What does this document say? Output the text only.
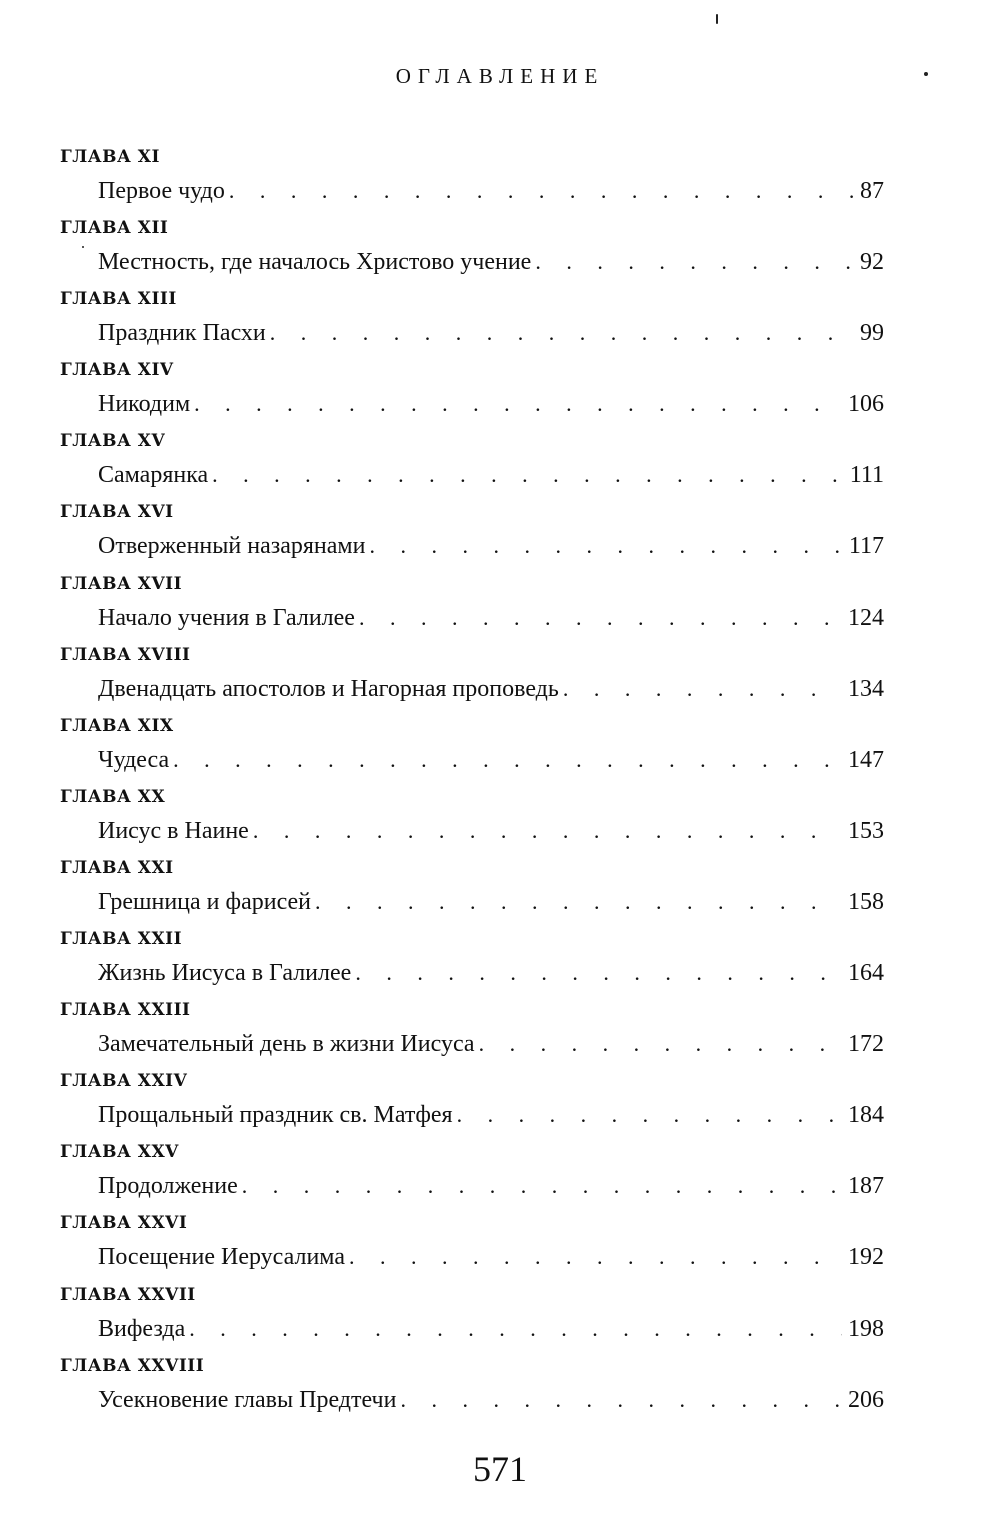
ОГЛАВЛЕНИЕ
ГЛАВА XI
Первое чудо . . .	87
ГЛАВА XII
Местность, где началось Христово учение . . .	92
ГЛАВА XIII
Праздник Пасхи . . .	99
ГЛАВА XIV
Никодим . . .	106
ГЛАВА XV
Самарянка . . .	111
ГЛАВА XVI
Отверженный назарянами . . .	117
ГЛАВА XVII
Начало учения в Галилее . . .	124
ГЛАВА XVIII
Двенадцать апостолов и Нагорная проповедь . . .	134
ГЛАВА XIX
Чудеса . . .	147
ГЛАВА XX
Иисус в Наине . . .	153
ГЛАВА XXI
Грешница и фарисей . . .	158
ГЛАВА XXII
Жизнь Иисуса в Галилее . . .	164
ГЛАВА XXIII
Замечательный день в жизни Иисуса . . .	172
ГЛАВА XXIV
Прощальный праздник св. Матфея . . .	184
ГЛАВА XXV
Продолжение . . .	187
ГЛАВА XXVI
Посещение Иерусалима . . .	192
ГЛАВА XXVII
Вифезда . . .	198
ГЛАВА XXVIII
Усекновение главы Предтечи . . .	206
571
